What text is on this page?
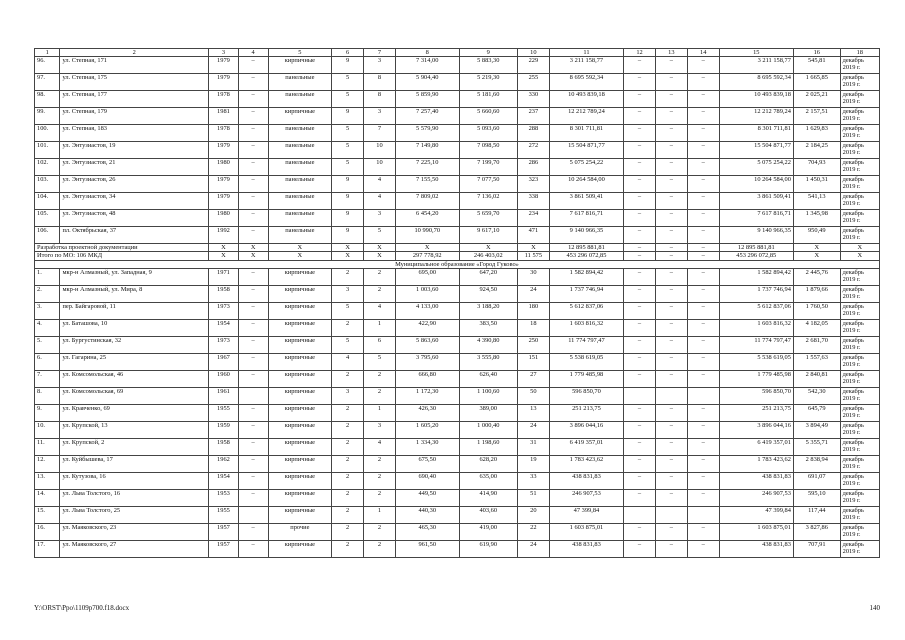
1	2	3	4	5	6	7	8	9	10	11	12	13	14	15	16	18
96.	ул. Степная, 171	1979	–	кирпичные	9	3	7 314,00	5 883,30	229	3 211 158,77	–	–	–	3 211 158,77	545,81	декабрь 2019 г.
97.	ул. Степная, 175	1979	–	панельные	5	8	5 904,40	5 219,30	255	8 695 592,34	–	–	–	8 695 592,34	1 665,85	декабрь 2019 г.
98.	ул. Степная, 177	1978	–	панельные	5	8	5 859,90	5 181,60	330	10 493 839,18	–	–	–	10 493 839,18	2 025,21	декабрь 2019 г.
99.	ул. Степная, 179	1981	–	кирпичные	9	3	7 257,40	5 660,60	237	12 212 789,24	–	–	–	12 212 789,24	2 157,51	декабрь 2019 г.
100.	ул. Степная, 183	1978	–	панельные	5	7	5 579,90	5 093,60	288	8 301 711,81	–	–	–	8 301 711,81	1 629,83	декабрь 2019 г.
101.	ул. Энтузиастов, 19	1979	–	панельные	5	10	7 149,80	7 098,50	272	15 504 871,77	–	–	–	15 504 871,77	2 184,25	декабрь 2019 г.
102.	ул. Энтузиастов, 21	1980	–	панельные	5	10	7 225,10	7 199,70	286	5 075 254,22	–	–	–	5 075 254,22	704,93	декабрь 2019 г.
103.	ул. Энтузиастов, 26	1979	–	панельные	9	4	7 155,50	7 077,50	323	10 264 584,00	–	–	–	10 264 584,00	1 450,31	декабрь 2019 г.
104.	ул. Энтузиастов, 34	1979	–	панельные	9	4	7 809,02	7 136,02	338	3 861 509,41	–	–	–	3 861 509,41	541,13	декабрь 2019 г.
105.	ул. Энтузиастов, 48	1980	–	панельные	9	3	6 454,20	5 659,70	234	7 617 816,71	–	–	–	7 617 816,71	1 345,98	декабрь 2019 г.
106.	пл. Октябрьская, 37	1992	–	панельные	9	5	10 990,70	9 617,10	471	9 140 966,35	–	–	–	9 140 966,35	950,49	декабрь 2019 г.
Разработка проектной документации		X	X	X	X	X	X	X	X	12 895 881,81	–	–	–	12 895 881,81	X	X
Итого по МО: 106 МКД		X	X	X	X	X	297 778,92	246 403,02	11 575	453 296 072,85	–	–	–	453 296 072,85	X	X
Муниципальное образование «Город Гуково»																
1.	мкр-н Алмазный, ул. Западная, 9	1971	–	кирпичные	2	2	695,00	647,20	30	1 582 894,42	–	–	–	1 582 894,42	2 445,76	декабрь 2019 г.
2.	мкр-н Алмазный, ул. Мира, 8	1958	–	кирпичные	3	2	1 003,60	924,50	24	1 737 746,94	–	–	–	1 737 746,94	1 879,66	декабрь 2019 г.
3.	пер. Байгаровой, 11	1973	–	кирпичные	5	4	4 133,00	3 188,20	180	5 612 837,06	–	–	–	5 612 837,06	1 760,50	декабрь 2019 г.
4.	ул. Баташова, 10	1954	–	кирпичные	2	1	422,90	383,50	18	1 603 816,32	–	–	–	1 603 816,32	4 182,05	декабрь 2019 г.
5.	ул. Бургустинская, 32	1973	–	кирпичные	5	6	5 863,60	4 390,80	250	11 774 797,47	–	–	–	11 774 797,47	2 681,70	декабрь 2019 г.
6.	ул. Гагарина, 25	1967	–	кирпичные	4	5	3 795,60	3 555,80	151	5 538 619,05	–	–	–	5 538 619,05	1 557,63	декабрь 2019 г.
7.	ул. Комсомольская, 46	1960	–	кирпичные	2	2	666,80	626,40	27	1 779 485,98	–	–	–	1 779 485,98	2 840,81	декабрь 2019 г.
8.	ул. Комсомольская, 69	1961		кирпичные	3	2	1 172,30	1 100,60	50	596 850,70				596 850,70	542,30	декабрь 2019 г.
9.	ул. Кравченко, 69	1955	–	кирпичные	2	1	426,30	389,00	13	251 213,75	–	–	–	251 213,75	645,79	декабрь 2019 г.
10.	ул. Крупской, 13	1959	–	кирпичные	2	3	1 605,20	1 000,40	24	3 896 044,16	–	–	–	3 896 044,16	3 894,49	декабрь 2019 г.
11.	ул. Крупской, 2	1958	–	кирпичные	2	4	1 334,30	1 198,60	31	6 419 357,01	–	–	–	6 419 357,01	5 355,71	декабрь 2019 г.
12.	ул. Куйбышева, 17	1962	–	кирпичные	2	2	675,50	628,20	19	1 783 423,62	–	–	–	1 783 423,62	2 838,94	декабрь 2019 г.
13.	ул. Кутузова, 16	1954	–	кирпичные	2	2	690,40	635,00	33	438 831,83	–	–	–	438 831,83	691,07	декабрь 2019 г.
14.	ул. Льва Толстого, 16	1953	–	кирпичные	2	2	449,50	414,90	51	246 907,53	–	–	–	246 907,53	595,10	декабрь 2019 г.
15.	ул. Льва Толстого, 25	1955		кирпичные	2	1	440,30	403,60	20	47 399,84				47 399,84	117,44	декабрь 2019 г.
16.	ул. Маяковского, 23	1957	–	прочие	2	2	465,30	419,00	22	1 603 875,01	–	–	–	1 603 875,01	3 827,86	декабрь 2019 г.
17.	ул. Маяковского, 27	1957	–	кирпичные	2	2	961,50	619,90	24	438 831,83	–	–	–	438 831,83	707,91	декабрь 2019 г.
Y:\ORST\Ppo\1109p700.f18.docx	140
